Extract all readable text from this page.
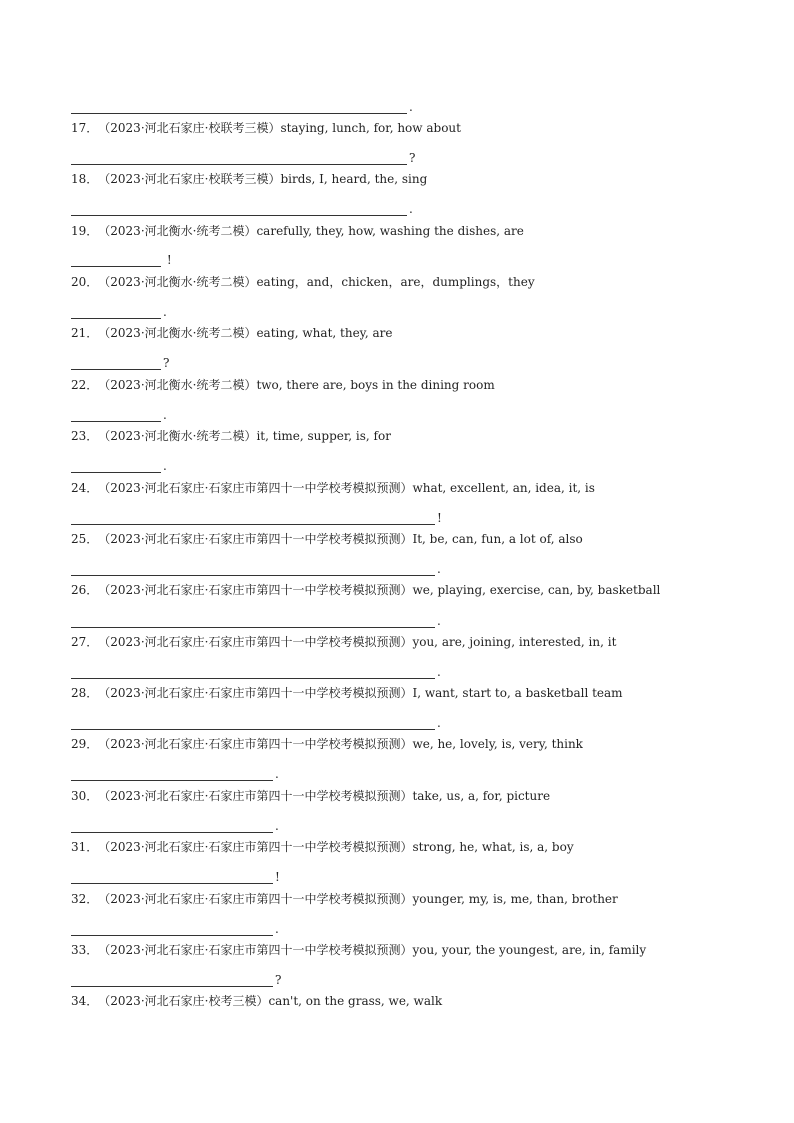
.
17．（2023·河北石家庄·校联考三模）staying, lunch, for, how about
?
18．（2023·河北石家庄·校联考三模）birds, I, heard, the, sing
.
19．（2023·河北衡水·统考二模）carefully, they, how, washing the dishes, are
!
20．（2023·河北衡水·统考二模）eating，and，chicken，are，dumplings，they
.
21．（2023·河北衡水·统考二模）eating, what, they, are
?
22．（2023·河北衡水·统考二模）two, there are, boys in the dining room
.
23．（2023·河北衡水·统考二模）it, time, supper, is, for
.
24．（2023·河北石家庄·石家庄市第四十一中学校考模拟预测）what, excellent, an, idea, it, is
!
25．（2023·河北石家庄·石家庄市第四十一中学校考模拟预测）It, be, can, fun, a lot of, also
.
26．（2023·河北石家庄·石家庄市第四十一中学校考模拟预测）we, playing, exercise, can, by, basketball
.
27．（2023·河北石家庄·石家庄市第四十一中学校考模拟预测）you, are, joining, interested, in, it
.
28．（2023·河北石家庄·石家庄市第四十一中学校考模拟预测）I, want, start to, a basketball team
.
29．（2023·河北石家庄·石家庄市第四十一中学校考模拟预测）we, he, lovely, is, very, think
.
30．（2023·河北石家庄·石家庄市第四十一中学校考模拟预测）take, us, a, for, picture
.
31．（2023·河北石家庄·石家庄市第四十一中学校考模拟预测）strong, he, what, is, a, boy
!
32．（2023·河北石家庄·石家庄市第四十一中学校考模拟预测）younger, my, is, me, than, brother
.
33．（2023·河北石家庄·石家庄市第四十一中学校考模拟预测）you, your, the youngest, are, in, family
?
34．（2023·河北石家庄·校考三模）can't, on the grass, we, walk
